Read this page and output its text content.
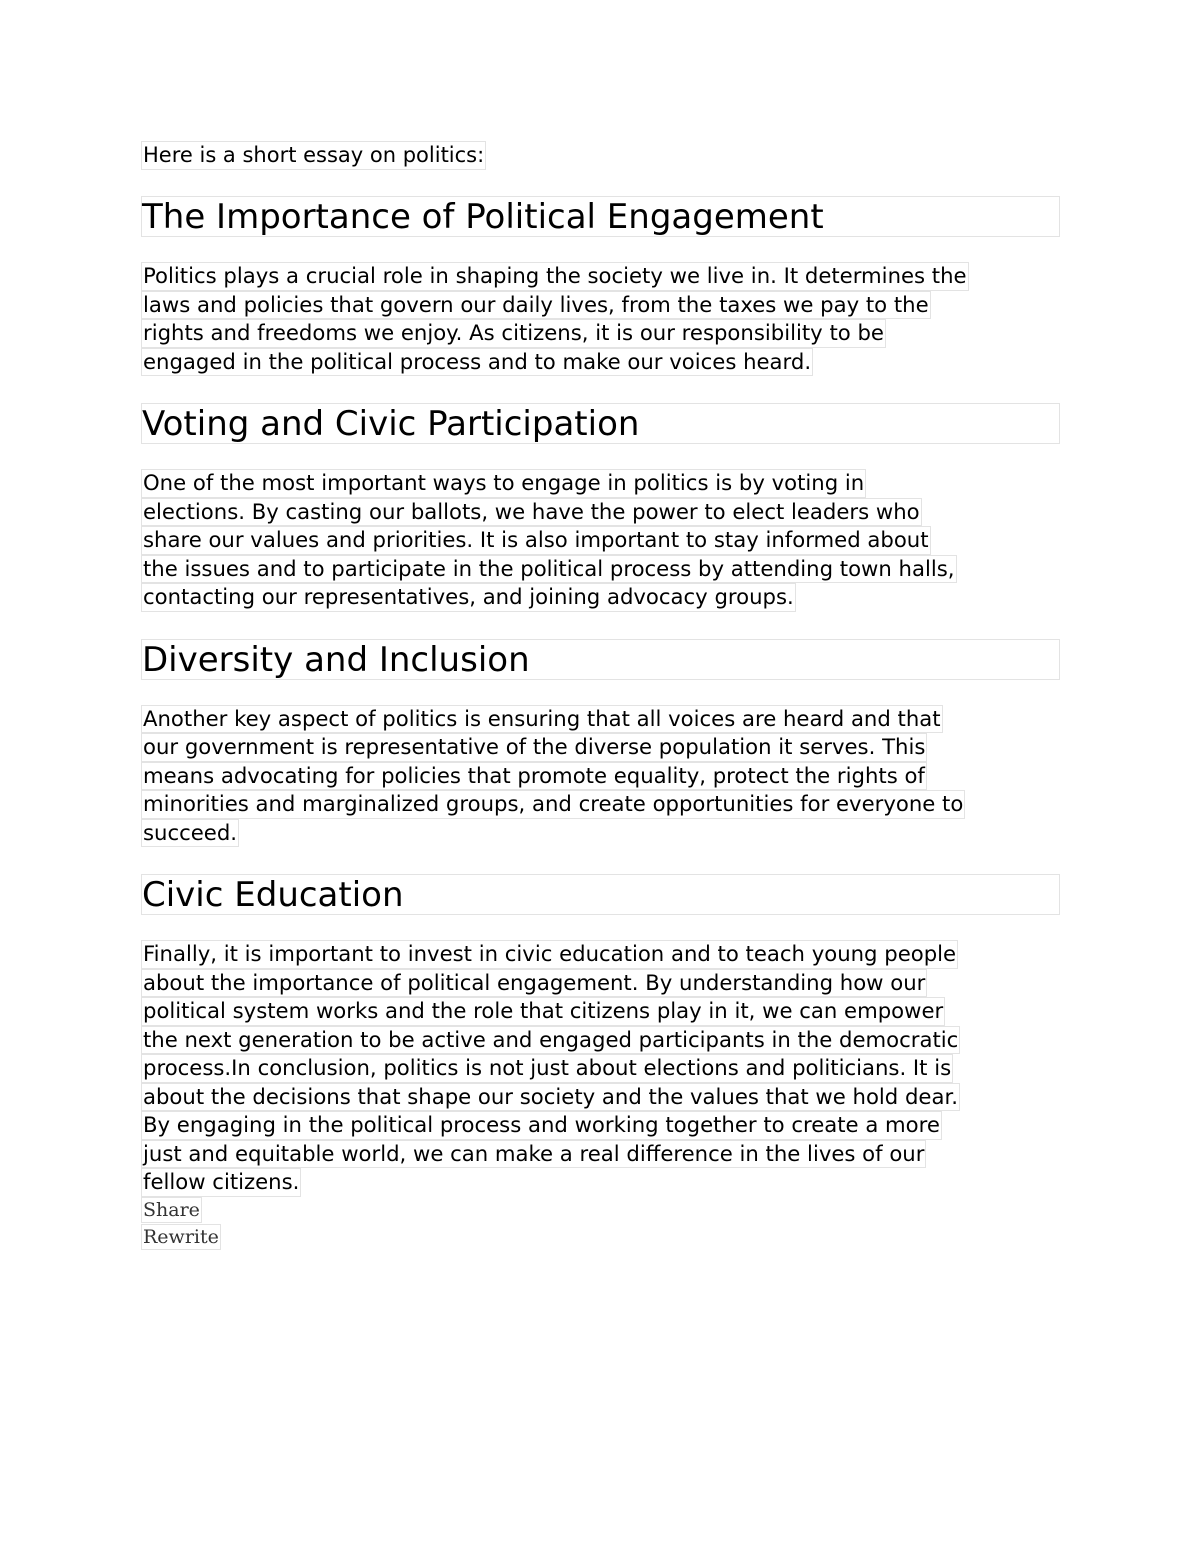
Here is a short essay on politics:
The Importance of Political Engagement
Politics plays a crucial role in shaping the society we live in. It determines the
laws and policies that govern our daily lives, from the taxes we pay to the
rights and freedoms we enjoy. As citizens, it is our responsibility to be
engaged in the political process and to make our voices heard.
Voting and Civic Participation
One of the most important ways to engage in politics is by voting in
elections. By casting our ballots, we have the power to elect leaders who
share our values and priorities. It is also important to stay informed about
the issues and to participate in the political process by attending town halls,
contacting our representatives, and joining advocacy groups.
Diversity and Inclusion
Another key aspect of politics is ensuring that all voices are heard and that
our government is representative of the diverse population it serves. This
means advocating for policies that promote equality, protect the rights of
minorities and marginalized groups, and create opportunities for everyone to
succeed.
Civic Education
Finally, it is important to invest in civic education and to teach young people
about the importance of political engagement. By understanding how our
political system works and the role that citizens play in it, we can empower
the next generation to be active and engaged participants in the democratic
process.In conclusion, politics is not just about elections and politicians. It is
about the decisions that shape our society and the values that we hold dear.
By engaging in the political process and working together to create a more
just and equitable world, we can make a real difference in the lives of our
fellow citizens.
Share
Rewrite
